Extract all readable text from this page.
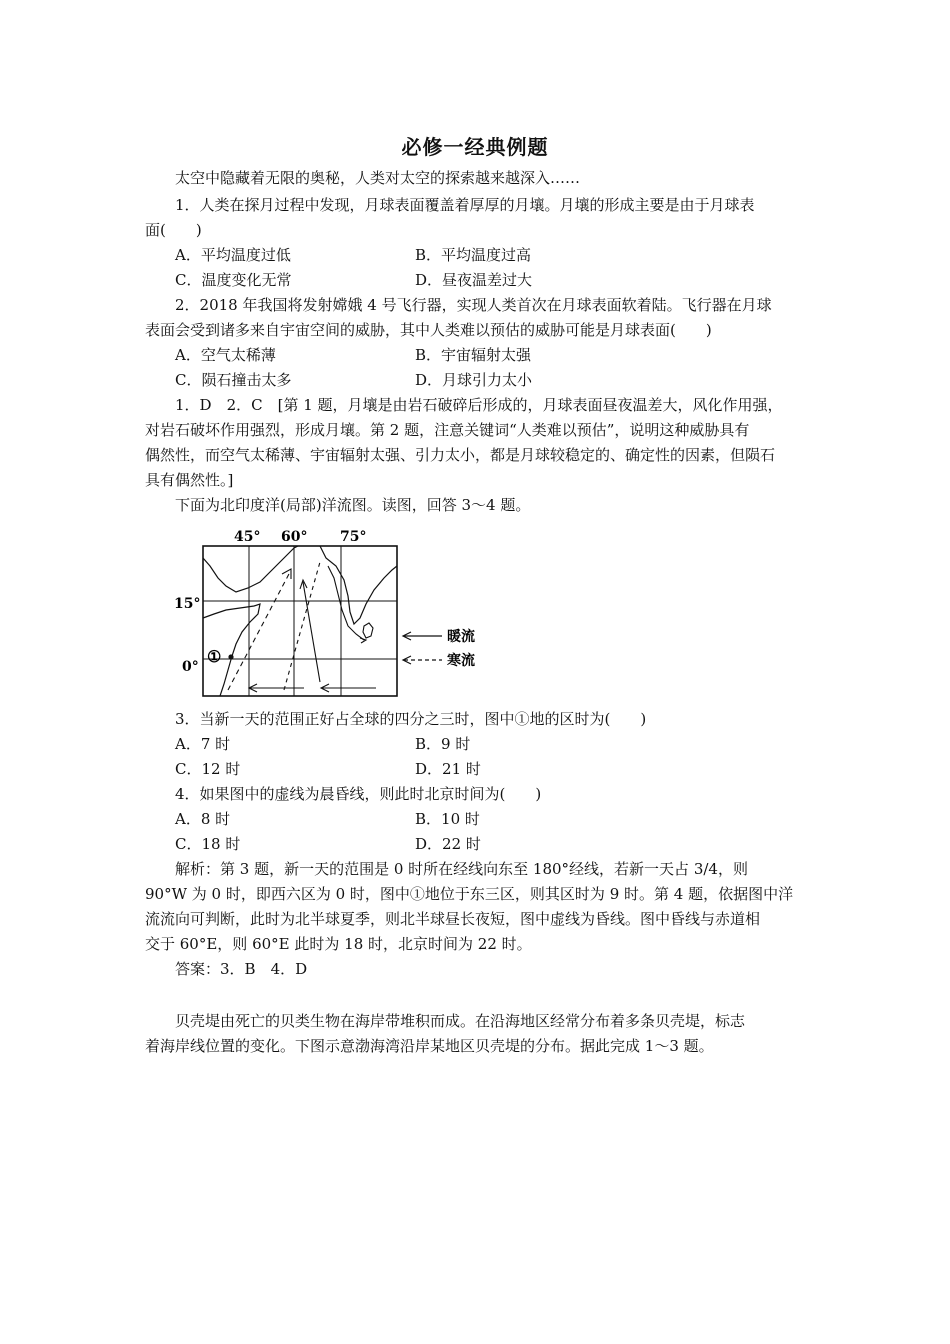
必修一经典例题
太空中隐藏着无限的奥秘，人类对太空的探索越来越深入……
1．人类在探月过程中发现，月球表面覆盖着厚厚的月壤。月壤的形成主要是由于月球表
面(　　)
A．平均温度过低	B．平均温度过高
C．温度变化无常	D．昼夜温差过大
2．2018 年我国将发射嫦娥 4 号飞行器，实现人类首次在月球表面软着陆。飞行器在月球
表面会受到诸多来自宇宙空间的威胁，其中人类难以预估的威胁可能是月球表面(　　)
A．空气太稀薄	B．宇宙辐射太强
C．陨石撞击太多	D．月球引力太小
1．D　2．C　[第 1 题，月壤是由岩石破碎后形成的，月球表面昼夜温差大，风化作用强，
对岩石破坏作用强烈，形成月壤。第 2 题，注意关键词“人类难以预估”，说明这种威胁具有
偶然性，而空气太稀薄、宇宙辐射太强、引力太小，都是月球较稳定的、确定性的因素，但陨石
具有偶然性。]
下面为北印度洋(局部)洋流图。读图，回答 3～4 题。
45° 60° 75°
15°
0°
①
暖流
寒流
3．当新一天的范围正好占全球的四分之三时，图中①地的区时为(　　)
A．7 时	B．9 时
C．12 时	D．21 时
4．如果图中的虚线为晨昏线，则此时北京时间为(　　)
A．8 时	B．10 时
C．18 时	D．22 时
解析：第 3 题，新一天的范围是 0 时所在经线向东至 180°经线，若新一天占 3/4，则
90°W 为 0 时，即西六区为 0 时，图中①地位于东三区，则其区时为 9 时。第 4 题，依据图中洋
流流向可判断，此时为北半球夏季，则北半球昼长夜短，图中虚线为昏线。图中昏线与赤道相
交于 60°E，则 60°E 此时为 18 时，北京时间为 22 时。
答案：3．B　4．D
贝壳堤由死亡的贝类生物在海岸带堆积而成。在沿海地区经常分布着多条贝壳堤，标志
着海岸线位置的变化。下图示意渤海湾沿岸某地区贝壳堤的分布。据此完成 1～3 题。
